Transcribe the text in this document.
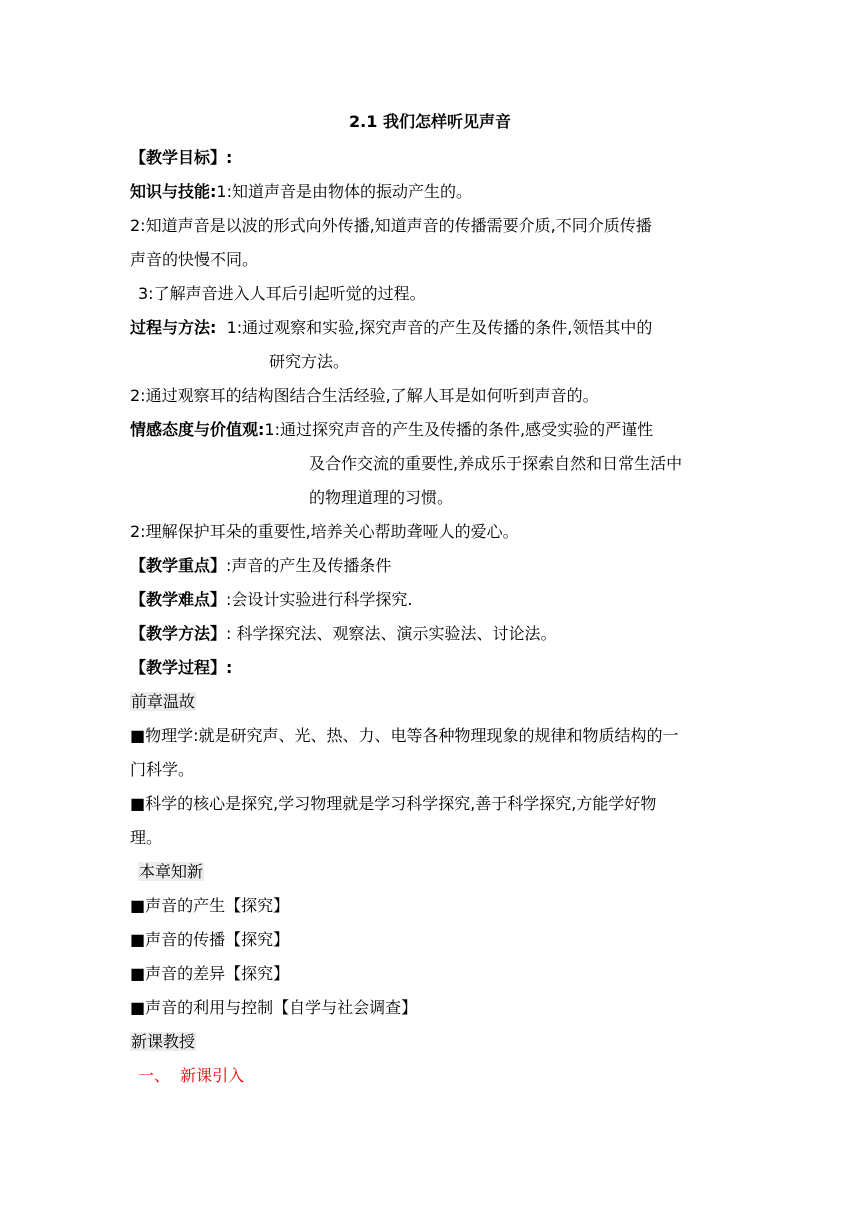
2.1 我们怎样听见声音
【教学目标】:
知识与技能:1:知道声音是由物体的振动产生的。
2:知道声音是以波的形式向外传播,知道声音的传播需要介质,不同介质传播
声音的快慢不同。
3:了解声音进入人耳后引起听觉的过程。
过程与方法: 1:通过观察和实验,探究声音的产生及传播的条件,领悟其中的
研究方法。
2:通过观察耳的结构图结合生活经验,了解人耳是如何听到声音的。
情感态度与价值观:1:通过探究声音的产生及传播的条件,感受实验的严谨性
及合作交流的重要性,养成乐于探索自然和日常生活中
的物理道理的习惯。
2:理解保护耳朵的重要性,培养关心帮助聋哑人的爱心。
【教学重点】:声音的产生及传播条件
【教学难点】:会设计实验进行科学探究.
【教学方法】: 科学探究法、观察法、演示实验法、讨论法。
【教学过程】:
前章温故
■物理学:就是研究声、光、热、力、电等各种物理现象的规律和物质结构的一
门科学。
■科学的核心是探究,学习物理就是学习科学探究,善于科学探究,方能学好物
理。
本章知新
■声音的产生【探究】
■声音的传播【探究】
■声音的差异【探究】
■声音的利用与控制【自学与社会调查】
新课教授
一、  新课引入
